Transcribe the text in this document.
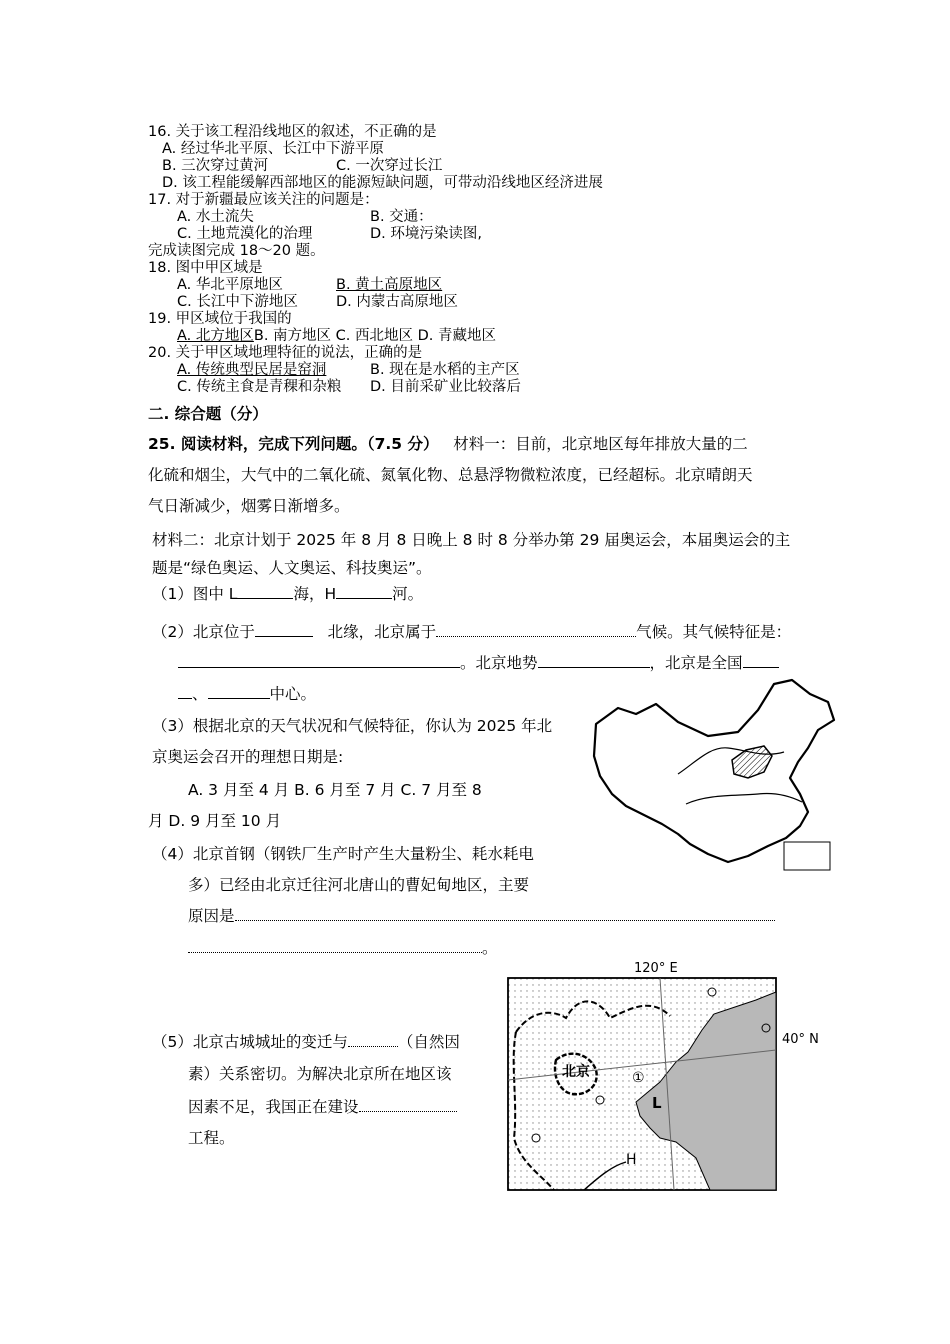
16. 关于该工程沿线地区的叙述，不正确的是
A. 经过华北平原、长江中下游平原
B. 三次穿过黄河	C. 一次穿过长江
D. 该工程能缓解西部地区的能源短缺问题，可带动沿线地区经济进展
17. 对于新疆最应该关注的问题是：
A. 水土流失	B. 交通：
C. 土地荒漠化的治理	D. 环境污染读图,
完成读图完成 18～20 题。
18. 图中甲区域是
A. 华北平原地区	B. 黄土高原地区
C. 长江中下游地区	D. 内蒙古高原地区
19. 甲区域位于我国的
A. 北方地区B. 南方地区 C. 西北地区 D. 青藏地区
20. 关于甲区域地理特征的说法，正确的是
A. 传统典型民居是窑洞	B. 现在是水稻的主产区
C. 传统主食是青稞和杂粮 D. 目前采矿业比较落后
二. 综合题（分）
25. 阅读材料，完成下列问题。（7.5 分） 材料一：目前，北京地区每年排放大量的二
化硫和烟尘，大气中的二氧化硫、氮氧化物、总悬浮物微粒浓度，已经超标。北京晴朗天
气日渐减少，烟雾日渐增多。
材料二：北京计划于 2025 年 8 月 8 日晚上 8 时 8 分举办第 29 届奥运会，本届奥运会的主
题是“绿色奥运、人文奥运、科技奥运”。
（1）图中 L	海，H	河。
（2）北京位于	北缘，北京属于	气候。其气候特征是：
。北京地势	，北京是全国
、	中心。
（3）根据北京的天气状况和气候特征，你认为 2025 年北
京奥运会召开的理想日期是:
A. 3 月至 4 月 B. 6 月至 7 月 C. 7 月至 8
月 D. 9 月至 10 月
（4）北京首钢（钢铁厂生产时产生大量粉尘、耗水耗电
多）已经由北京迁往河北唐山的曹妃甸地区，主要
原因是
。
（5）北京古城城址的变迁与	（自然因
素）关系密切。为解决北京所在地区该
因素不足，我国正在建设
工程。
120° E
北京	①
L
H
40° N
